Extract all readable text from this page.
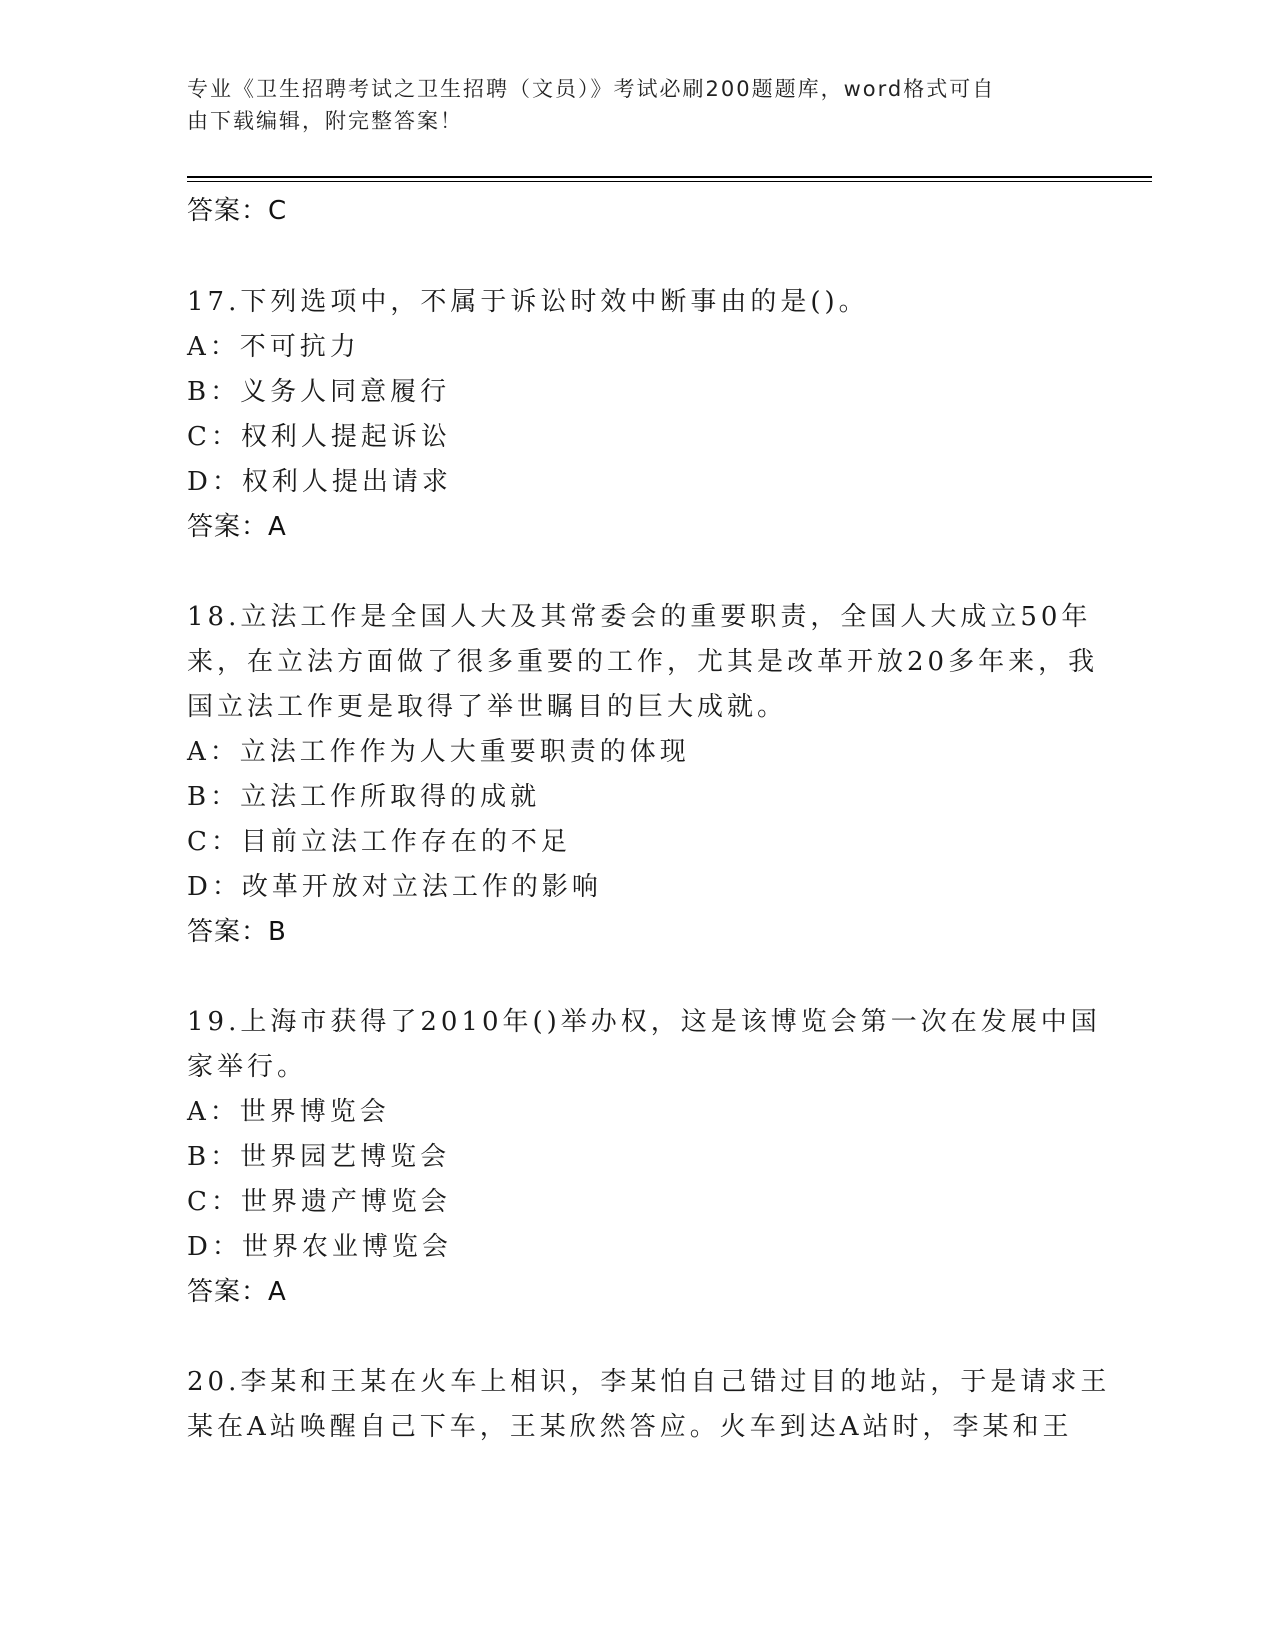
专业《卫生招聘考试之卫生招聘（文员）》考试必刷200题题库，word格式可自
由下载编辑，附完整答案！
答案：C
17.下列选项中，不属于诉讼时效中断事由的是()。
A：不可抗力
B：义务人同意履行
C：权利人提起诉讼
D：权利人提出请求
答案：A
18.立法工作是全国人大及其常委会的重要职责，全国人大成立50年
来，在立法方面做了很多重要的工作，尤其是改革开放20多年来，我
国立法工作更是取得了举世瞩目的巨大成就。
A：立法工作作为人大重要职责的体现
B：立法工作所取得的成就
C：目前立法工作存在的不足
D：改革开放对立法工作的影响
答案：B
19.上海市获得了2010年()举办权，这是该博览会第一次在发展中国
家举行。
A：世界博览会
B：世界园艺博览会
C：世界遗产博览会
D：世界农业博览会
答案：A
20.李某和王某在火车上相识，李某怕自己错过目的地站，于是请求王
某在A站唤醒自己下车，王某欣然答应。火车到达A站时，李某和王
